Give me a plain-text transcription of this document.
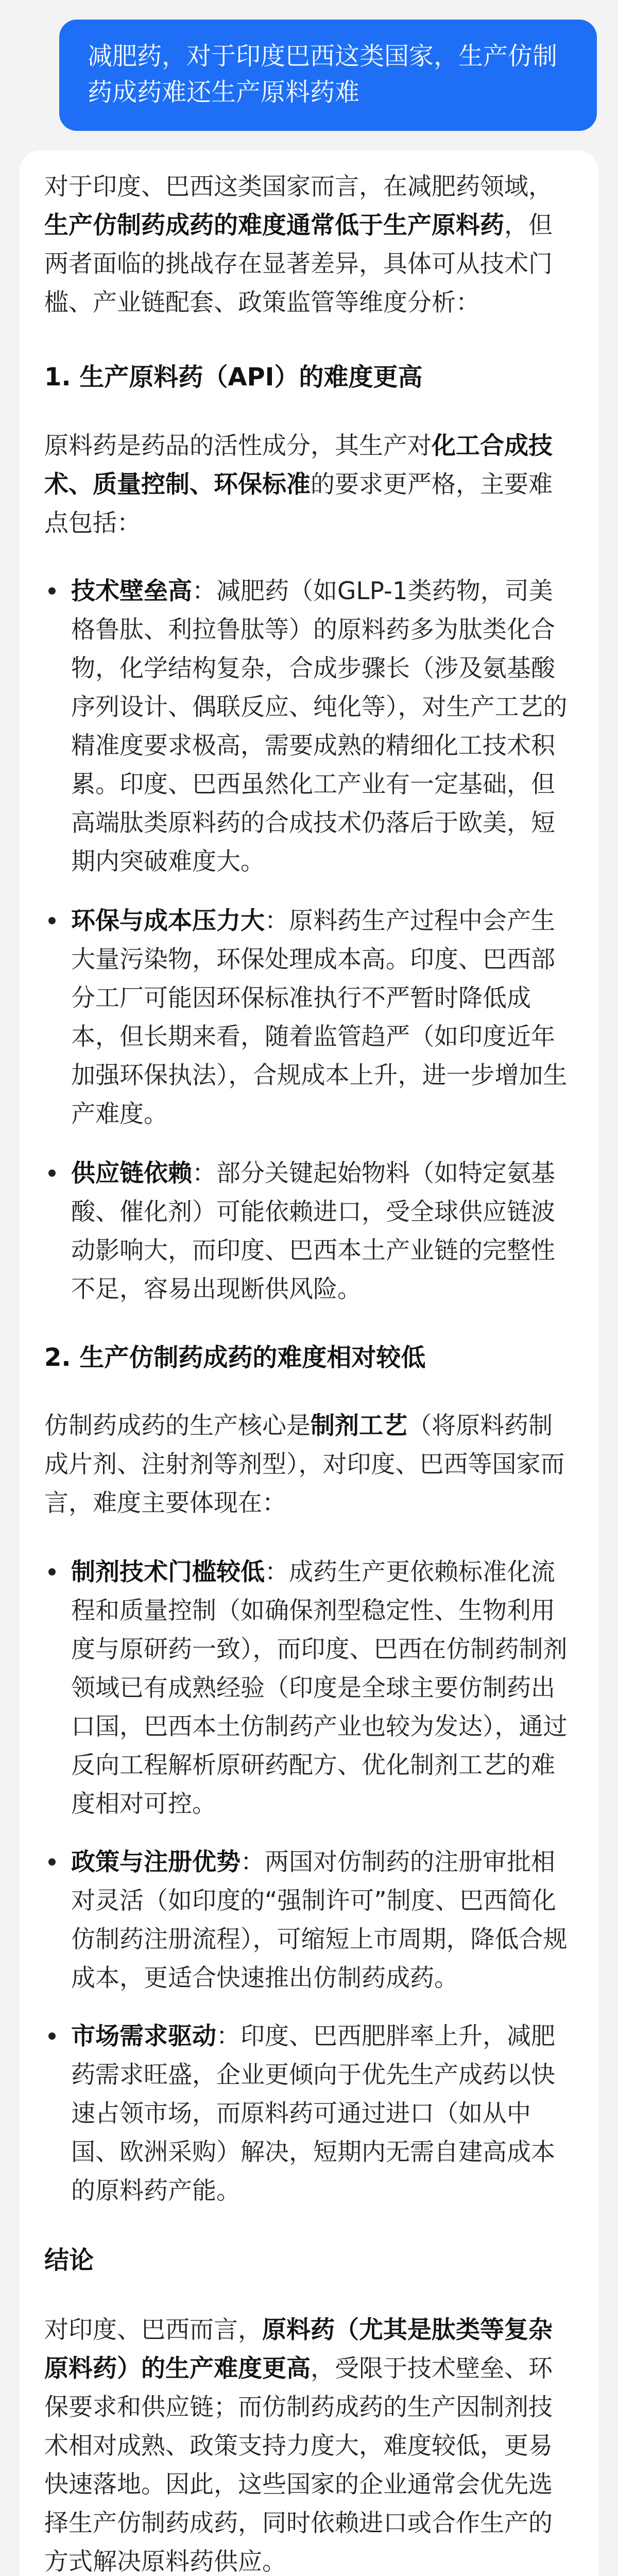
减肥药，对于印度巴西这类国家，生产仿制药成药难还生产原料药难

对于印度、巴西这类国家而言，在减肥药领域，生产仿制药成药的难度通常低于生产原料药，但两者面临的挑战存在显著差异，具体可从技术门槛、产业链配套、政策监管等维度分析：

1. 生产原料药（API）的难度更高

原料药是药品的活性成分，其生产对化工合成技术、质量控制、环保标准的要求更严格，主要难点包括：

技术壁垒高：减肥药（如GLP-1类药物，司美格鲁肽、利拉鲁肽等）的原料药多为肽类化合物，化学结构复杂，合成步骤长（涉及氨基酸序列设计、偶联反应、纯化等），对生产工艺的精准度要求极高，需要成熟的精细化工技术积累。印度、巴西虽然化工产业有一定基础，但高端肽类原料药的合成技术仍落后于欧美，短期内突破难度大。
环保与成本压力大：原料药生产过程中会产生大量污染物，环保处理成本高。印度、巴西部分工厂可能因环保标准执行不严暂时降低成本，但长期来看，随着监管趋严（如印度近年加强环保执法），合规成本上升，进一步增加生产难度。
供应链依赖：部分关键起始物料（如特定氨基酸、催化剂）可能依赖进口，受全球供应链波动影响大，而印度、巴西本土产业链的完整性不足，容易出现断供风险。
2. 生产仿制药成药的难度相对较低

仿制药成药的生产核心是制剂工艺（将原料药制成片剂、注射剂等剂型），对印度、巴西等国家而言，难度主要体现在：

制剂技术门槛较低：成药生产更依赖标准化流程和质量控制（如确保剂型稳定性、生物利用度与原研药一致），而印度、巴西在仿制药制剂领域已有成熟经验（印度是全球主要仿制药出口国，巴西本土仿制药产业也较为发达），通过反向工程解析原研药配方、优化制剂工艺的难度相对可控。
政策与注册优势：两国对仿制药的注册审批相对灵活（如印度的“强制许可”制度、巴西简化仿制药注册流程），可缩短上市周期，降低合规成本，更适合快速推出仿制药成药。
市场需求驱动：印度、巴西肥胖率上升，减肥药需求旺盛，企业更倾向于优先生产成药以快速占领市场，而原料药可通过进口（如从中国、欧洲采购）解决，短期内无需自建高成本的原料药产能。
结论

对印度、巴西而言，原料药（尤其是肽类等复杂原料药）的生产难度更高，受限于技术壁垒、环保要求和供应链；而仿制药成药的生产因制剂技术相对成熟、政策支持力度大，难度较低，更易快速落地。因此，这些国家的企业通常会优先选择生产仿制药成药，同时依赖进口或合作生产的方式解决原料药供应。
